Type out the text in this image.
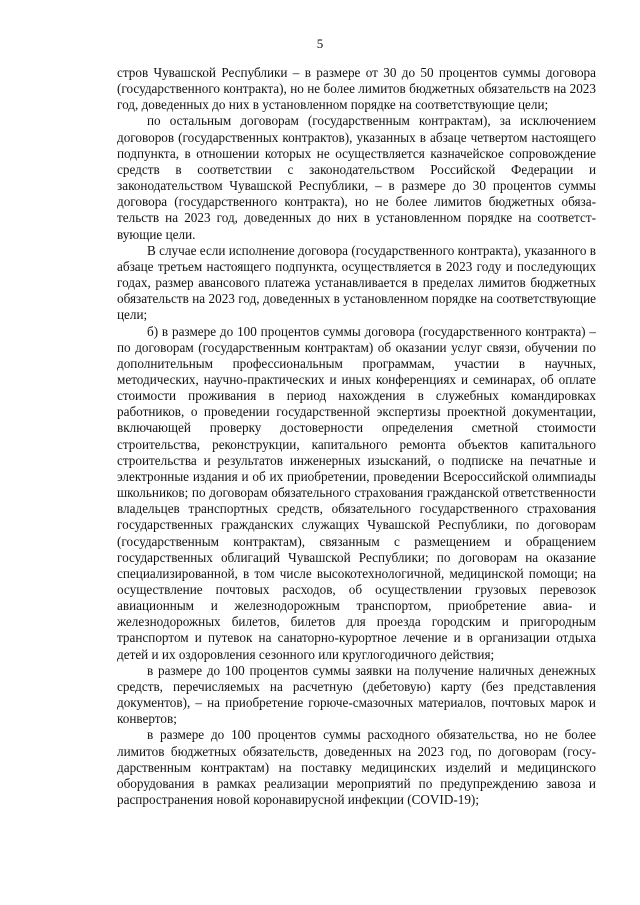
5

стров Чувашской Республики – в размере от 30 до 50 процентов суммы договора (государственного контракта), но не более лимитов бюджетных обязательств на 2023 год, доведенных до них в установленном порядке на соответствующие цели;

по остальным договорам (государственным контрактам), за исключением договоров (государственных контрактов), указанных в абзаце четвертом настоящего подпункта, в отношении которых не осуществляется казначейское сопровождение средств в соответствии с законодательством Российской Федерации и законодательством Чувашской Республики, – в размере до 30 процентов суммы договора (государственного контракта), но не более лимитов бюджетных обязательств на 2023 год, доведенных до них в установленном порядке на соответствующие цели.

В случае если исполнение договора (государственного контракта), указанного в абзаце третьем настоящего подпункта, осуществляется в 2023 году и последующих годах, размер авансового платежа устанавливается в пределах лимитов бюджетных обязательств на 2023 год, доведенных в установленном порядке на соответствующие цели;

б) в размере до 100 процентов суммы договора (государственного контракта) – по договорам (государственным контрактам) об оказании услуг связи, обучении по дополнительным профессиональным программам, участии в научных, методических, научно-практических и иных конференциях и семинарах, об оплате стоимости проживания в период нахождения в служебных командировках работников, о проведении государственной экспертизы проектной документации, включающей проверку достоверности определения сметной стоимости строительства, реконструкции, капитального ремонта объектов капитального строительства и результатов инженерных изысканий, о подписке на печатные и электронные издания и об их приобретении, проведении Всероссийской олимпиады школьников; по договорам обязательного страхования гражданской ответственности владельцев транспортных средств, обязательного государственного страхования государственных гражданских служащих Чувашской Республики, по договорам (государственным контрактам), связанным с размещением и обращением государственных облигаций Чувашской Республики; по договорам на оказание специализированной, в том числе высокотехнологичной, медицинской помощи; на осуществление почтовых расходов, об осуществлении грузовых перевозок авиационным и железнодорожным транспортом, приобретение авиа- и железнодорожных билетов, билетов для проезда городским и пригородным транспортом и путевок на санаторно-курортное лечение и в организации отдыха детей и их оздоровления сезонного или круглогодичного действия;

в размере до 100 процентов суммы заявки на получение наличных денежных средств, перечисляемых на расчетную (дебетовую) карту (без представления документов), – на приобретение горюче-смазочных материалов, почтовых марок и конвертов;

в размере до 100 процентов суммы расходного обязательства, но не более лимитов бюджетных обязательств, доведенных на 2023 год, по договорам (государственным контрактам) на поставку медицинских изделий и медицинского оборудования в рамках реализации мероприятий по предупреждению завоза и распространения новой коронавирусной инфекции (COVID-19);
